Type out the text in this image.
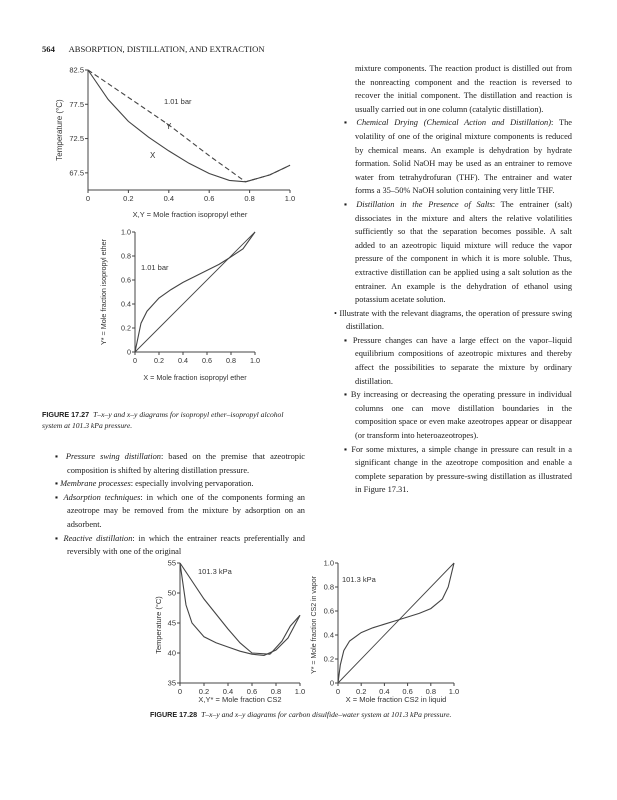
564 ABSORPTION, DISTILLATION, AND EXTRACTION
67.5
72.5
77.5
82.5
0	0.2	0.4	0.6	0.8	1.0
Temperature (°C)
X,Y = Mole fraction isopropyl ether
1.01 bar
X
Y
0
0.2
0.4
0.6
0.8
1.0
0 0.2 0.4 0.6 0.8 1.0
Y* = Mole fraction isopropyl ether
X = Mole fraction isopropyl ether
1.01 bar
FIGURE 17.27 T–x–y and x–y diagrams for isopropyl ether–isopropyl alcohol system at 101.3 kPa pressure.

▪ Pressure swing distillation: based on the premise that azeotropic composition is shifted by altering distillation pressure.

▪ Membrane processes: especially involving pervaporation.

▪ Adsorption techniques: in which one of the components forming an azeotrope may be removed from the mixture by adsorption on an adsorbent.

▪ Reactive distillation: in which the entrainer reacts preferentially and reversibly with one of the original

mixture components. The reaction product is distilled out from the nonreacting component and the reaction is reversed to recover the initial component. The distillation and reaction is usually carried out in one column (catalytic distillation).

▪ Chemical Drying (Chemical Action and Distillation): The volatility of one of the original mixture components is reduced by chemical means. An example is dehydration by hydrate formation. Solid NaOH may be used as an entrainer to remove water from tetrahydrofuran (THF). The entrainer and water forms a 35–50% NaOH solution containing very little THF.

▪ Distillation in the Presence of Salts: The entrainer (salt) dissociates in the mixture and alters the relative volatilities sufficiently so that the separation becomes possible. A salt added to an azeotropic liquid mixture will reduce the vapor pressure of the component in which it is more soluble. Thus, extractive distillation can be applied using a salt solution as the entrainer. An example is the dehydration of ethanol using potassium acetate solution.

• Illustrate with the relevant diagrams, the operation of pressure swing distillation.

▪ Pressure changes can have a large effect on the vapor–liquid equilibrium compositions of azeotropic mixtures and thereby affect the possibilities to separate the mixture by ordinary distillation.

▪ By increasing or decreasing the operating pressure in individual columns one can move distillation boundaries in the composition space or even make azeotropes appear or disappear (or transform into heteroazeotropes).

▪ For some mixtures, a simple change in pressure can result in a significant change in the azeotrope composition and enable a complete separation by pressure-swing distillation as illustrated in Figure 17.31.

35
40
45
50
55
0 0.2 0.4 0.6 0.8 1.0
Temperature (°C)
X,Y* = Mole fraction CS2
101.3 kPa
0
0.2
0.4
0.6
0.8
1.0
0 0.2 0.4 0.6 0.8 1.0
Y* = Mole fraction CS2 in vapor
X = Mole fraction CS2 in liquid
101.3 kPa
FIGURE 17.28 T–x–y and x–y diagrams for carbon disulfide–water system at 101.3 kPa pressure.
